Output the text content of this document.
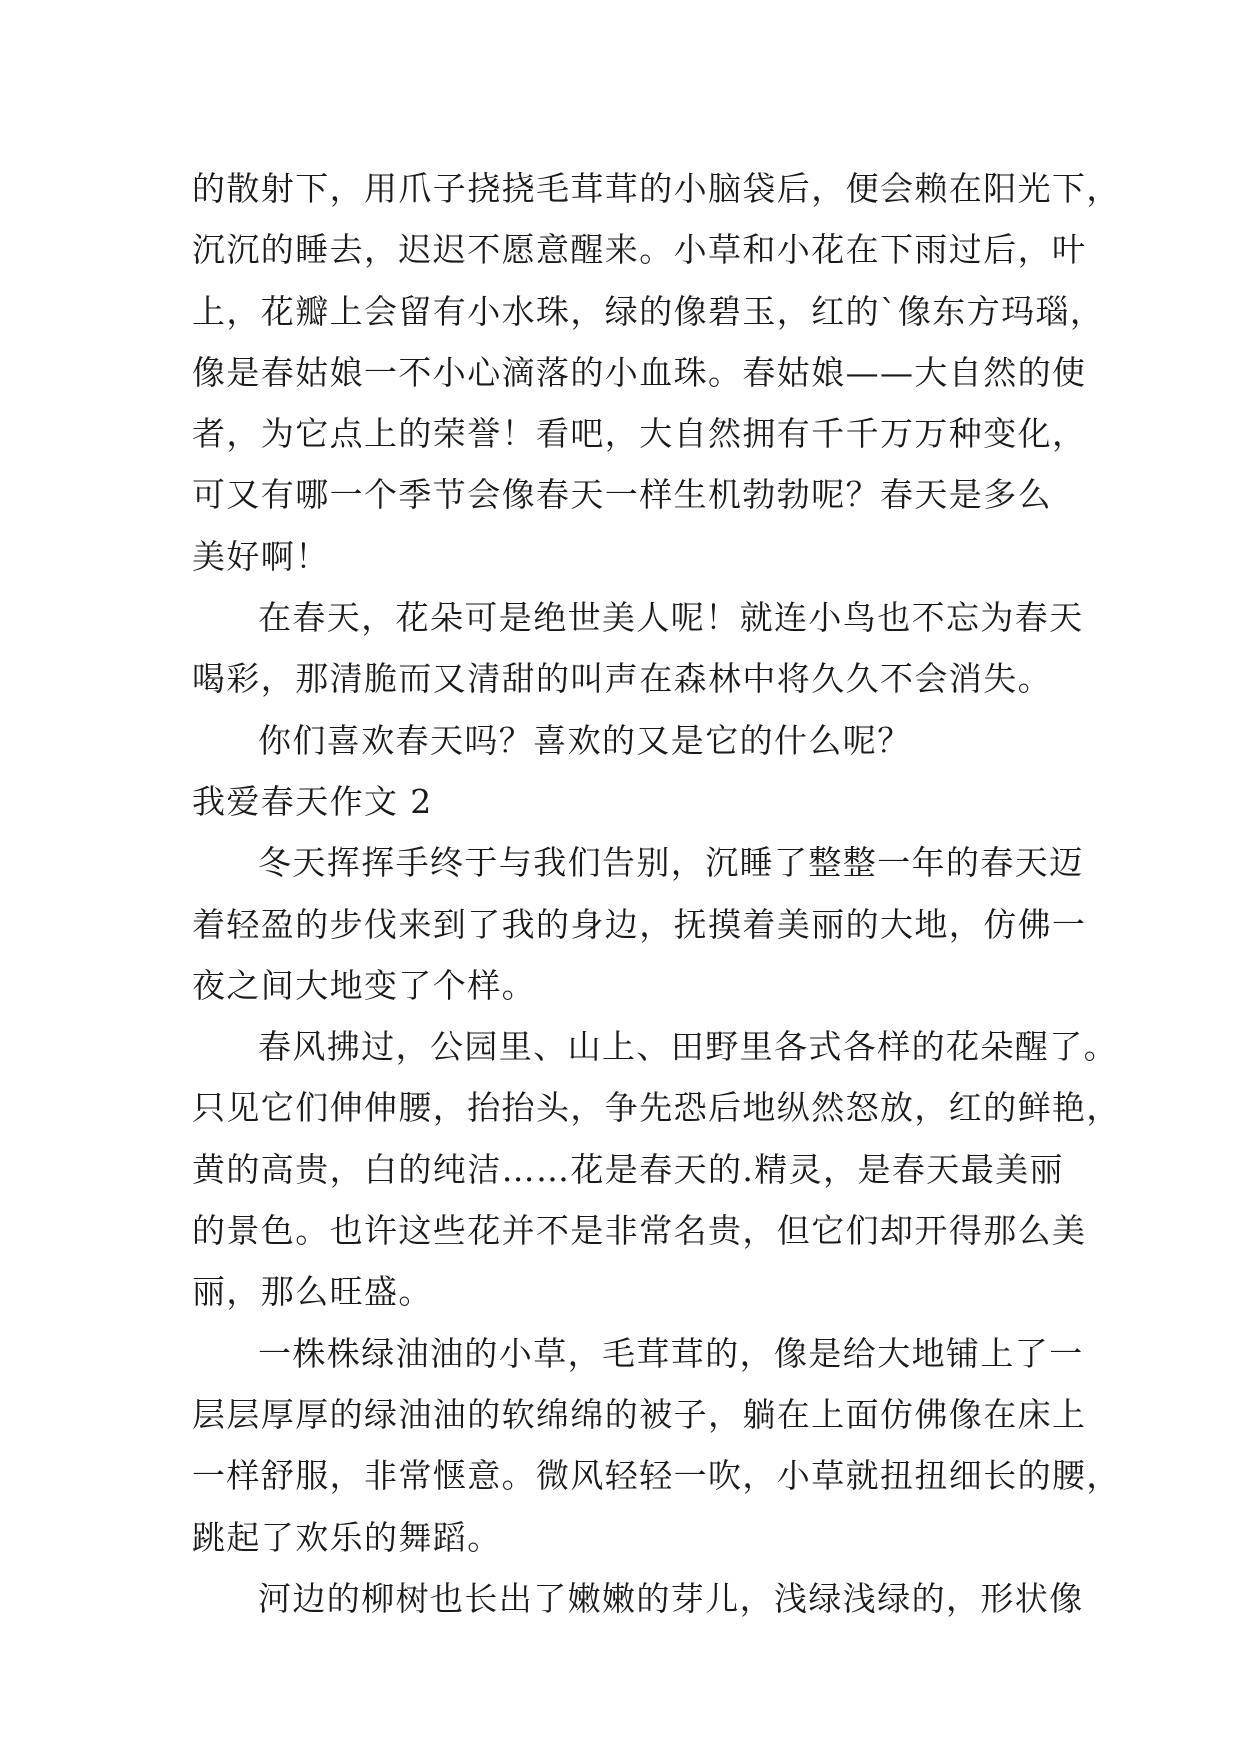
的散射下，用爪子挠挠毛茸茸的小脑袋后，便会赖在阳光下，
沉沉的睡去，迟迟不愿意醒来。小草和小花在下雨过后，叶
上，花瓣上会留有小水珠，绿的像碧玉，红的`像东方玛瑙，
像是春姑娘一不小心滴落的小血珠。春姑娘——大自然的使
者，为它点上的荣誉！看吧，大自然拥有千千万万种变化，
可又有哪一个季节会像春天一样生机勃勃呢？春天是多么
美好啊！
在春天，花朵可是绝世美人呢！就连小鸟也不忘为春天
喝彩，那清脆而又清甜的叫声在森林中将久久不会消失。
你们喜欢春天吗？喜欢的又是它的什么呢？
我爱春天作文 2
冬天挥挥手终于与我们告别，沉睡了整整一年的春天迈
着轻盈的步伐来到了我的身边，抚摸着美丽的大地，仿佛一
夜之间大地变了个样。
春风拂过，公园里、山上、田野里各式各样的花朵醒了。
只见它们伸伸腰，抬抬头，争先恐后地纵然怒放，红的鲜艳，
黄的高贵，白的纯洁……花是春天的.精灵，是春天最美丽
的景色。也许这些花并不是非常名贵，但它们却开得那么美
丽，那么旺盛。
一株株绿油油的小草，毛茸茸的，像是给大地铺上了一
层层厚厚的绿油油的软绵绵的被子，躺在上面仿佛像在床上
一样舒服，非常惬意。微风轻轻一吹，小草就扭扭细长的腰，
跳起了欢乐的舞蹈。
河边的柳树也长出了嫩嫩的芽儿，浅绿浅绿的，形状像
